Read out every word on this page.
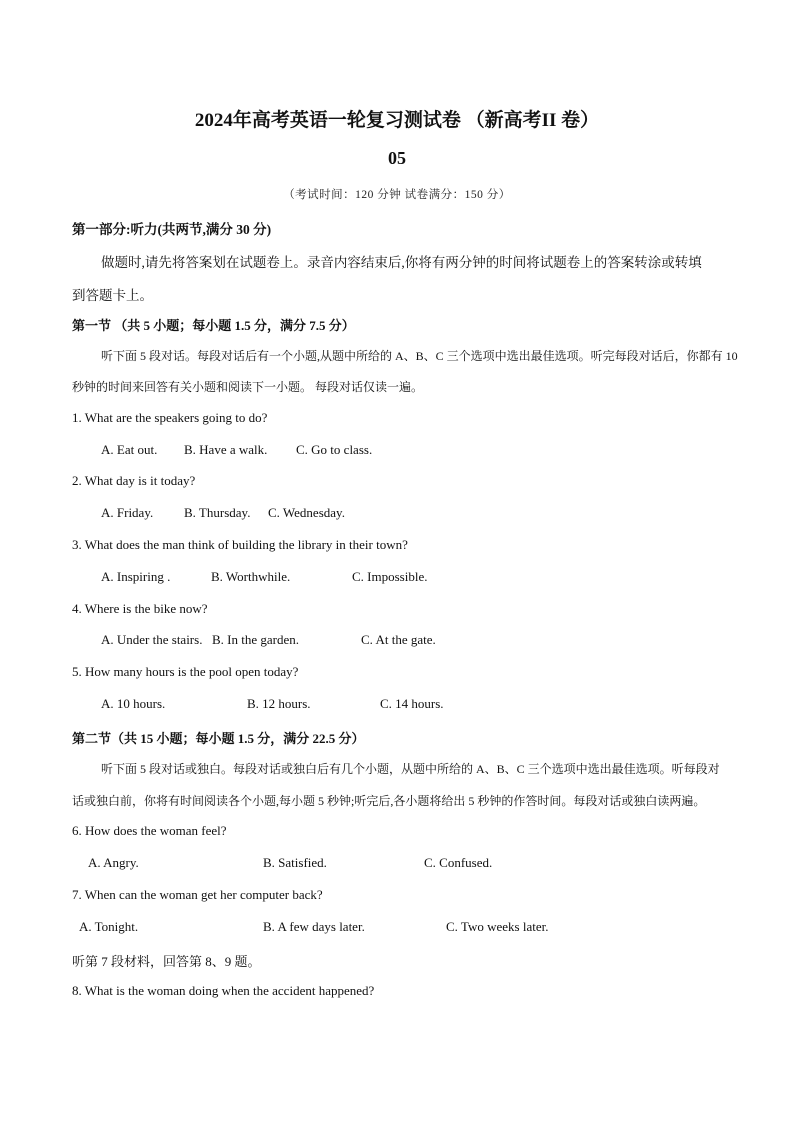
2024年高考英语一轮复习测试卷 （新高考II 卷）
05
（考试时间：120 分钟 试卷满分：150 分）
第一部分:听力(共两节,满分 30 分)
做题时,请先将答案划在试题卷上。录音内容结束后,你将有两分钟的时间将试题卷上的答案转涂或转填
到答题卡上。
第一节 （共 5 小题；每小题 1.5 分，满分 7.5 分）
听下面 5 段对话。每段对话后有一个小题,从题中所给的 A、B、C 三个选项中选出最佳选项。听完每段对话后，你都有 10
秒钟的时间来回答有关小题和阅读下一小题。 每段对话仅读一遍。
1. What are the speakers going to do?
A. Eat out. B. Have a walk. C. Go to class.
2. What day is it today?
A. Friday. B. Thursday. C. Wednesday.
3. What does the man think of building the library in their town?
A. Inspiring .	B. Worthwhile.	C. Impossible.
4. Where is the bike now?
A. Under the stairs. B. In the garden.	C. At the gate.
5. How many hours is the pool open today?
A. 10 hours.	B. 12 hours.	C. 14 hours.
第二节（共 15 小题；每小题 1.5 分，满分 22.5 分）
听下面 5 段对话或独白。每段对话或独白后有几个小题，从题中所给的 A、B、C 三个选项中选出最佳选项。听每段对
话或独白前，你将有时间阅读各个小题,每小题 5 秒钟;听完后,各小题将给出 5 秒钟的作答时间。每段对话或独白读两遍。
6. How does the woman feel?
A. Angry.	B. Satisfied.	C. Confused.
7. When can the woman get her computer back?
A. Tonight.	B. A few days later.	C. Two weeks later.
听第 7 段材料，回答第 8、9 题。
8. What is the woman doing when the accident happened?
